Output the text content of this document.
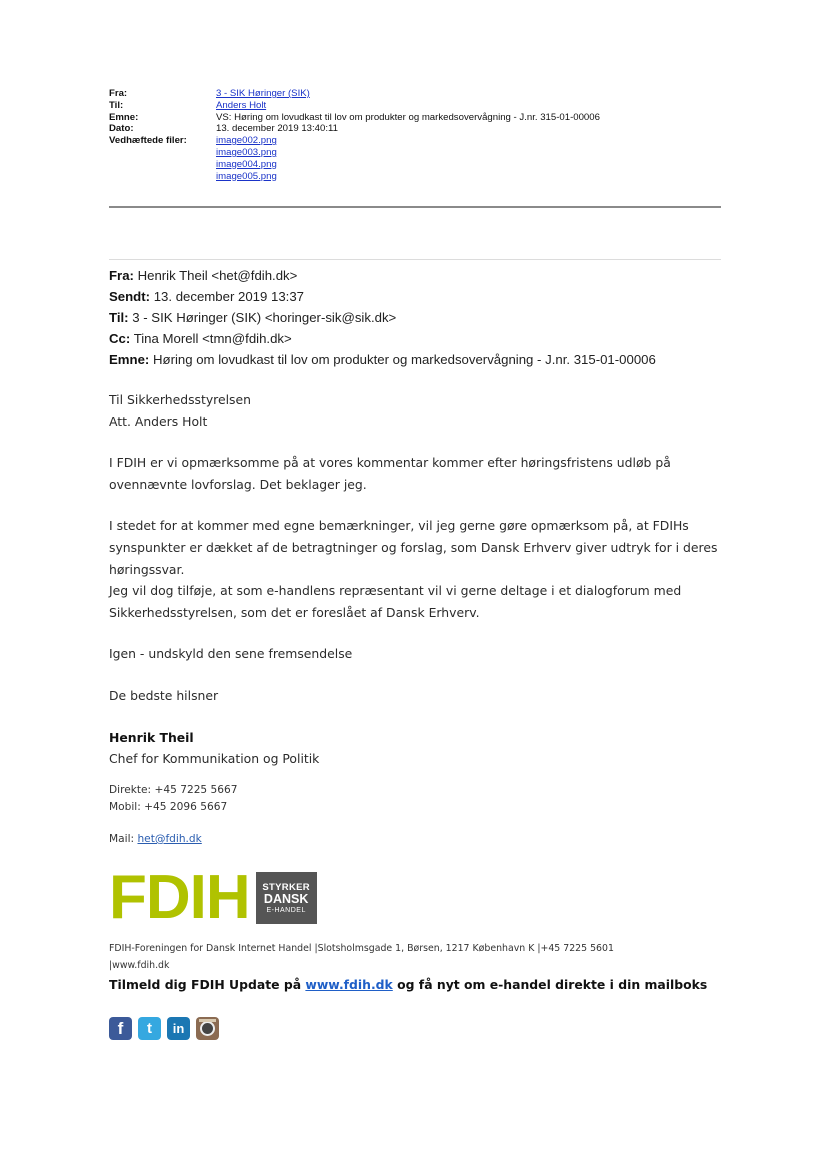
Fra:	3 - SIK Høringer (SIK)
Til:	Anders Holt
Emne:	VS: Høring om lovudkast til lov om produkter og markedsovervågning - J.nr. 315-01-00006
Dato:	13. december 2019 13:40:11
Vedhæftede filer:	image002.png
image003.png
image004.png
image005.png
Fra: Henrik Theil <het@fdih.dk>
Sendt: 13. december 2019 13:37
Til: 3 - SIK Høringer (SIK) <horinger-sik@sik.dk>
Cc: Tina Morell <tmn@fdih.dk>
Emne: Høring om lovudkast til lov om produkter og markedsovervågning - J.nr. 315-01-00006

Til Sikkerhedsstyrelsen

Att. Anders Holt

I FDIH er vi opmærksomme på at vores kommentar kommer efter høringsfristens udløb på

ovennævnte lovforslag. Det beklager jeg.

I stedet for at kommer med egne bemærkninger, vil jeg gerne gøre opmærksom på, at FDIHs

synspunkter er dækket af de betragtninger og forslag, som Dansk Erhverv giver udtryk for i deres

høringssvar.

Jeg vil dog tilføje, at som e-handlens repræsentant vil vi gerne deltage i et dialogforum med

Sikkerhedsstyrelsen, som det er foreslået af Dansk Erhverv.

Igen - undskyld den sene fremsendelse

De bedste hilsner

Henrik Theil

Chef for Kommunikation og Politik

Direkte: +45 7225 5667

Mobil: +45 2096 5667

Mail: het@fdih.dk

FDIH STYRKER
DANSK
E-HANDEL
FDIH-Foreningen for Dansk Internet Handel |Slotsholmsgade 1, Børsen, 1217 København K |+45 7225 5601
|www.fdih.dk
Tilmeld dig FDIH Update på www.fdih.dk og få nyt om e-handel direkte i din mailboks
f t in
